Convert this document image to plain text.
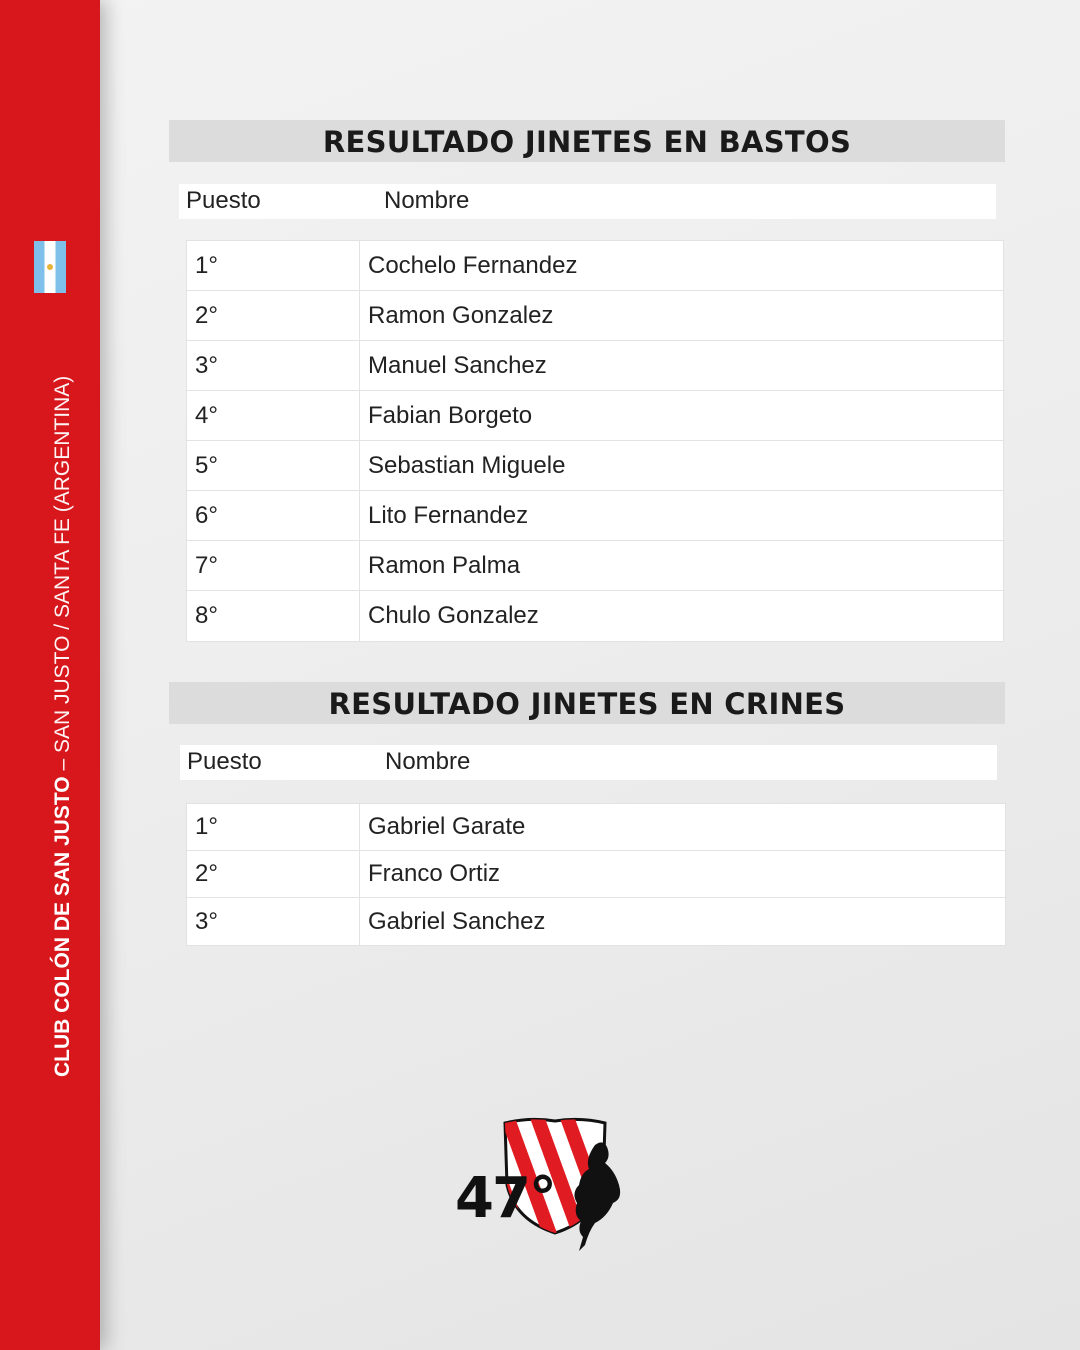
CLUB COLÓN DE SAN JUSTO – SAN JUSTO / SANTA FE (ARGENTINA)
RESULTADO JINETES EN BASTOS
Puesto	Nombre
1°	Cochelo Fernandez
2°	Ramon Gonzalez
3°	Manuel Sanchez
4°	Fabian Borgeto
5°	Sebastian Miguele
6°	Lito Fernandez
7°	Ramon Palma
8°	Chulo Gonzalez
RESULTADO JINETES EN CRINES
Puesto	Nombre
1°	Gabriel Garate
2°	Franco Ortiz
3°	Gabriel Sanchez
47°
